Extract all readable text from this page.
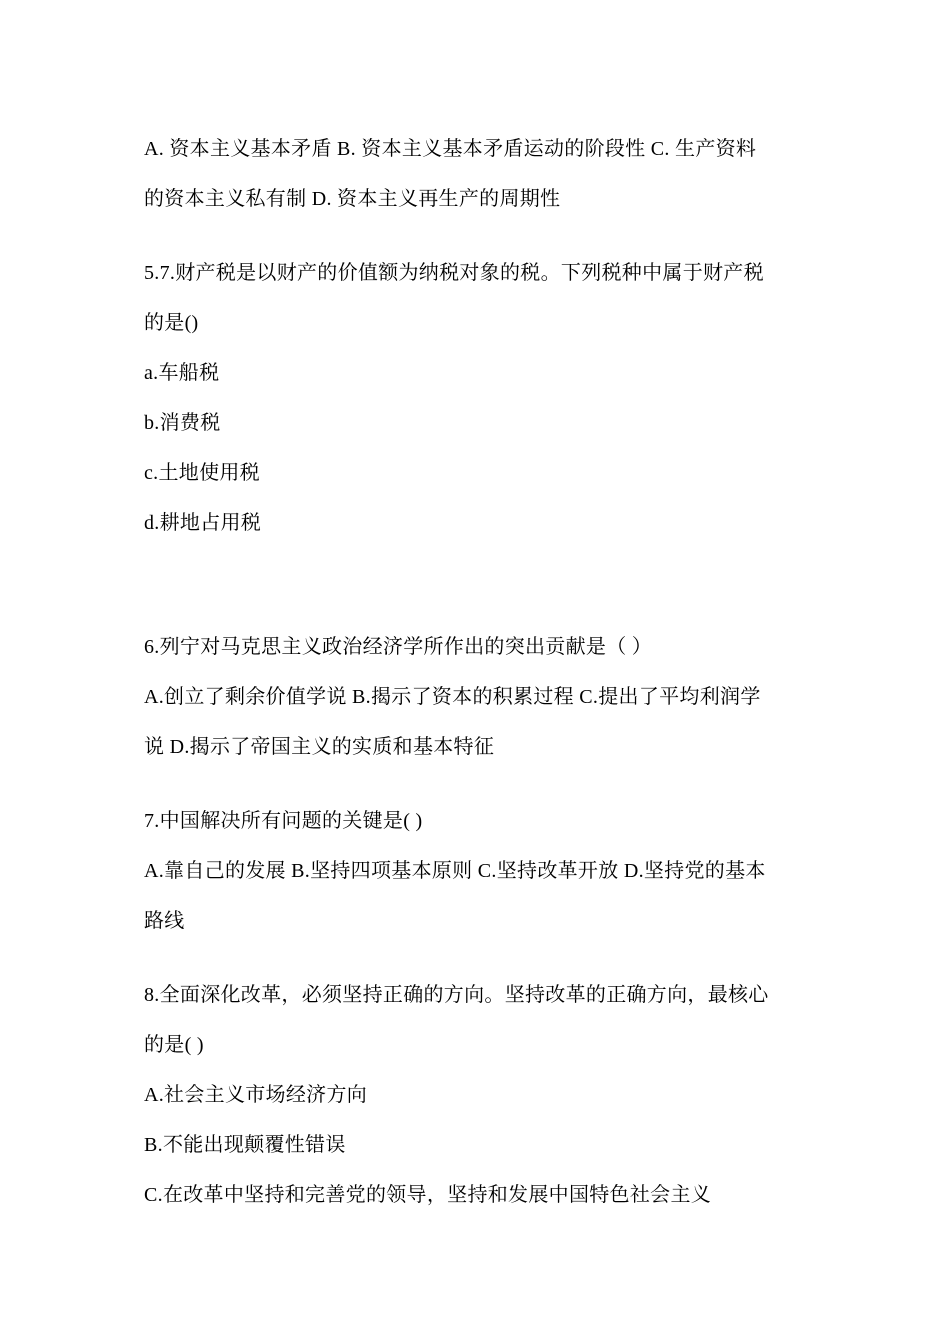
A. 资本主义基本矛盾 B. 资本主义基本矛盾运动的阶段性 C. 生产资料
的资本主义私有制 D. 资本主义再生产的周期性
5.7.财产税是以财产的价值额为纳税对象的税。下列税种中属于财产税
的是()
a.车船税
b.消费税
c.土地使用税
d.耕地占用税
6.列宁对马克思主义政治经济学所作出的突出贡献是（ ）
A.创立了剩余价值学说 B.揭示了资本的积累过程 C.提出了平均利润学
说 D.揭示了帝国主义的实质和基本特征
7.中国解决所有问题的关键是( )
A.靠自己的发展 B.坚持四项基本原则 C.坚持改革开放 D.坚持党的基本
路线
8.全面深化改革，必须坚持正确的方向。坚持改革的正确方向，最核心
的是( )
A.社会主义市场经济方向
B.不能出现颠覆性错误
C.在改革中坚持和完善党的领导，坚持和发展中国特色社会主义
